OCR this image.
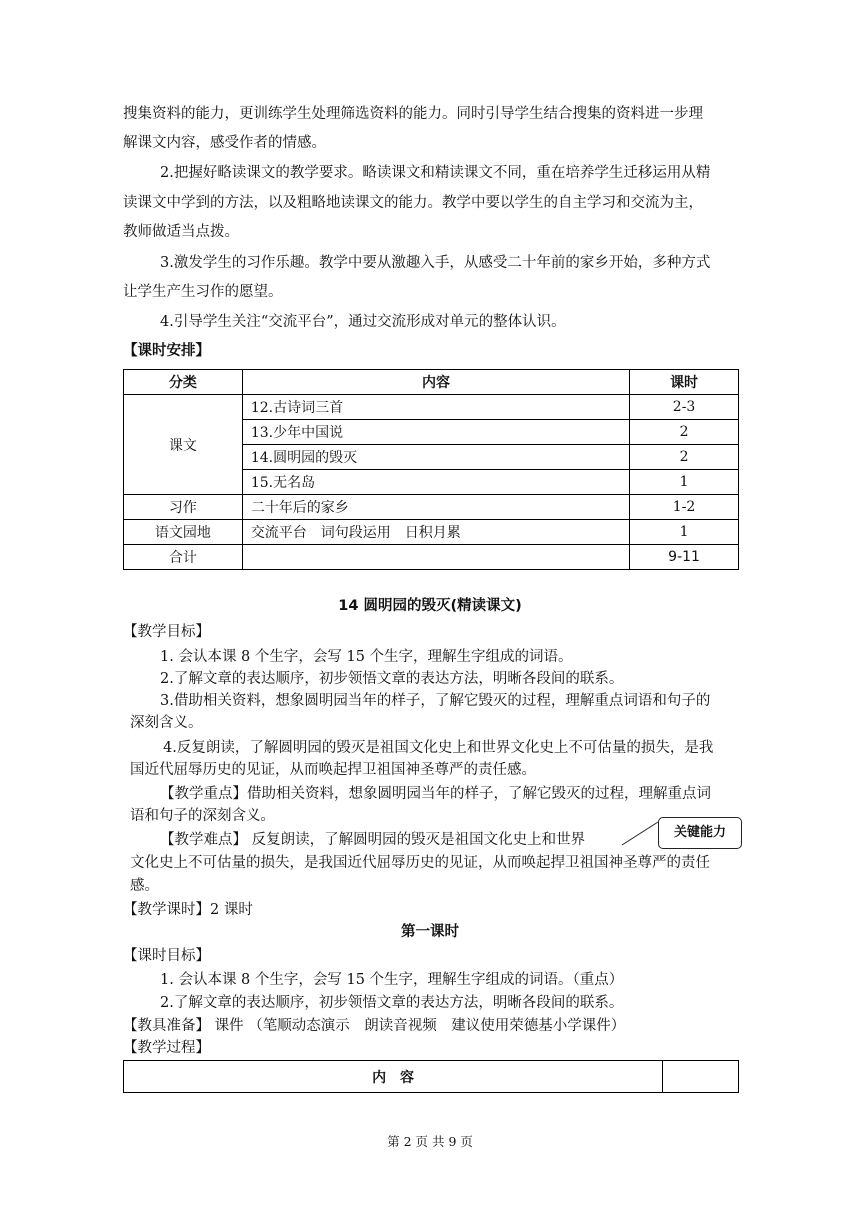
搜集资料的能力，更训练学生处理筛选资料的能力。同时引导学生结合搜集的资料进一步理
解课文内容，感受作者的情感。
2.把握好略读课文的教学要求。略读课文和精读课文不同，重在培养学生迁移运用从精
读课文中学到的方法，以及粗略地读课文的能力。教学中要以学生的自主学习和交流为主，
教师做适当点拨。
3.激发学生的习作乐趣。教学中要从激趣入手，从感受二十年前的家乡开始，多种方式
让学生产生习作的愿望。
4.引导学生关注“交流平台”，通过交流形成对单元的整体认识。
【课时安排】
分类	内容	课时
课文	12.古诗词三首	2-3
	13.少年中国说	2
	14.圆明园的毁灭	2
	15.无名岛	1
习作	二十年后的家乡	1-2
语文园地	交流平台　词句段运用　日积月累	1
合计		9-11
14 圆明园的毁灭(精读课文)
【教学目标】
1. 会认本课 8 个生字，会写 15 个生字，理解生字组成的词语。
2.了解文章的表达顺序，初步领悟文章的表达方法，明晰各段间的联系。
3.借助相关资料，想象圆明园当年的样子，了解它毁灭的过程，理解重点词语和句子的
深刻含义。
4.反复朗读，了解圆明园的毁灭是祖国文化史上和世界文化史上不可估量的损失，是我
国近代屈辱历史的见证，从而唤起捍卫祖国神圣尊严的责任感。
【教学重点】借助相关资料，想象圆明园当年的样子，了解它毁灭的过程，理解重点词
语和句子的深刻含义。
【教学难点】 反复朗读，了解圆明园的毁灭是祖国文化史上和世界
文化史上不可估量的损失，是我国近代屈辱历史的见证，从而唤起捍卫祖国神圣尊严的责任
感。
关键能力
【教学课时】2 课时
第一课时
【课时目标】
1. 会认本课 8 个生字，会写 15 个生字，理解生字组成的词语。（重点）
2.了解文章的表达顺序，初步领悟文章的表达方法，明晰各段间的联系。
【教具准备】 课件 （笔顺动态演示　朗读音视频　建议使用荣德基小学课件）
【教学过程】
内　容	
第 2 页 共 9 页
